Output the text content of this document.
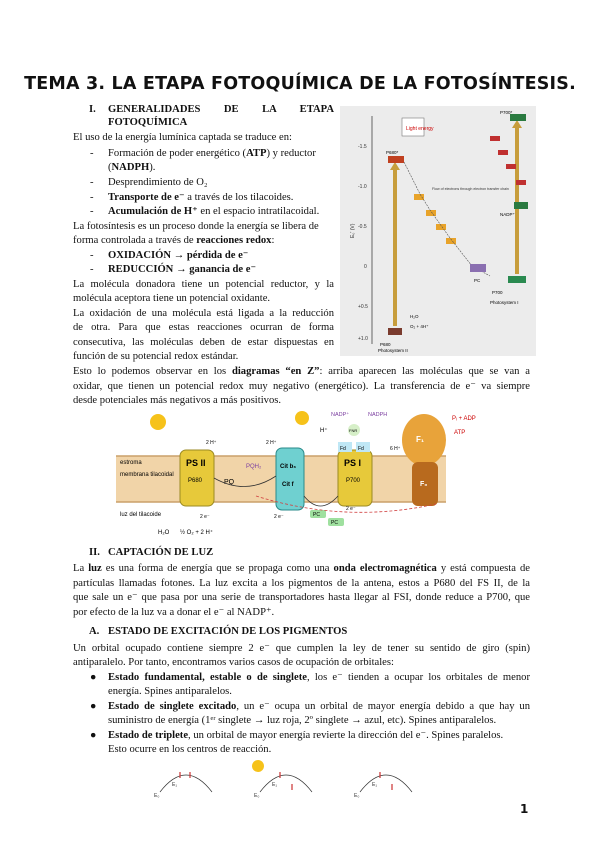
TEMA 3. LA ETAPA FOTOQUÍMICA DE LA FOTOSÍNTESIS.
I. GENERALIDADES DE LA ETAPA
FOTOQUÍMICA
El uso de la energía lumínica captada se traduce en:
- Formación de poder energético (ATP) y reductor
(NADPH).
- Desprendimiento de O₂
- Transporte de e⁻ a través de los tilacoides.
- Acumulación de H⁺ en el espacio intratilacoidal.
La fotosíntesis es un proceso donde la energía se libera de
forma controlada a través de reacciones redox:
- OXIDACIÓN → pérdida de e⁻
- REDUCCIÓN → ganancia de e⁻
La molécula donadora tiene un potencial reductor, y la
molécula aceptora tiene un potencial oxidante.
La oxidación de una molécula está ligada a la reducción
de otra. Para que estas reacciones ocurran de forma
consecutiva, las moléculas deben de estar dispuestas en
función de su potencial redox estándar.
Esto lo podemos observar en los diagramas “en Z”: arriba aparecen las moléculas que se van a
oxidar, que tienen un potencial redox muy negativo (energético). La transferencia de e⁻ va siempre
desde potenciales más negativos a más positivos.
-1.5
-1.0
-0.5
0
+0.5
+1.0
E₀' (V)
Light energy
P680*
P680
PC
P700
P700*
NADP⁺
Flow of electrons through electron transfer chain
H₂O
O₂ + 4H⁺
Photosystem II
Photosystem I
estroma
membrana tilacoidal
luz del tilacoide
PS II
P680	PQ
PQH₂	Cit b₆
Cit f
PS I
P700
PC
PC
Fd Fd
FNR
NADP⁺	NADPH
H⁺
F₁
F₀
Pᵢ + ADP
ATP
H₂O ½ O₂ + 2 H⁺
2 H⁺	2 H⁺
6 H⁺
2 e⁻	2 e⁻
2 e⁻
II. CAPTACIÓN DE LUZ
La luz es una forma de energía que se propaga como una onda electromagnética y está compuesta de
partículas llamadas fotones. La luz excita a los pigmentos de la antena, estos a P680 del FS II, de la
que sale un e⁻ que pasa por una serie de transportadores hasta llegar al FSI, donde reduce a P700, que
por efecto de la luz va a donar el e⁻ al NADP⁺.
A. ESTADO DE EXCITACIÓN DE LOS PIGMENTOS
Un orbital ocupado contiene siempre 2 e⁻ que cumplen la ley de tener su sentido de giro (spin)
antiparalelo. Por tanto, encontramos varios casos de ocupación de orbitales:
● Estado fundamental, estable o de singlete, los e⁻ tienden a ocupar los orbitales de menor
energía. Spines antiparalelos.
● Estado de singlete excitado, un e⁻ ocupa un orbital de mayor energía debido a que hay un
suministro de energía (1ᵉʳ singlete → luz roja, 2º singlete → azul, etc). Spines antiparalelos.
● Estado de triplete, un orbital de mayor energía revierte la dirección del e⁻. Spines paralelos.
Esto ocurre en los centros de reacción.
E₁	E₁	E₁
E₀	E₀	E₀
1
